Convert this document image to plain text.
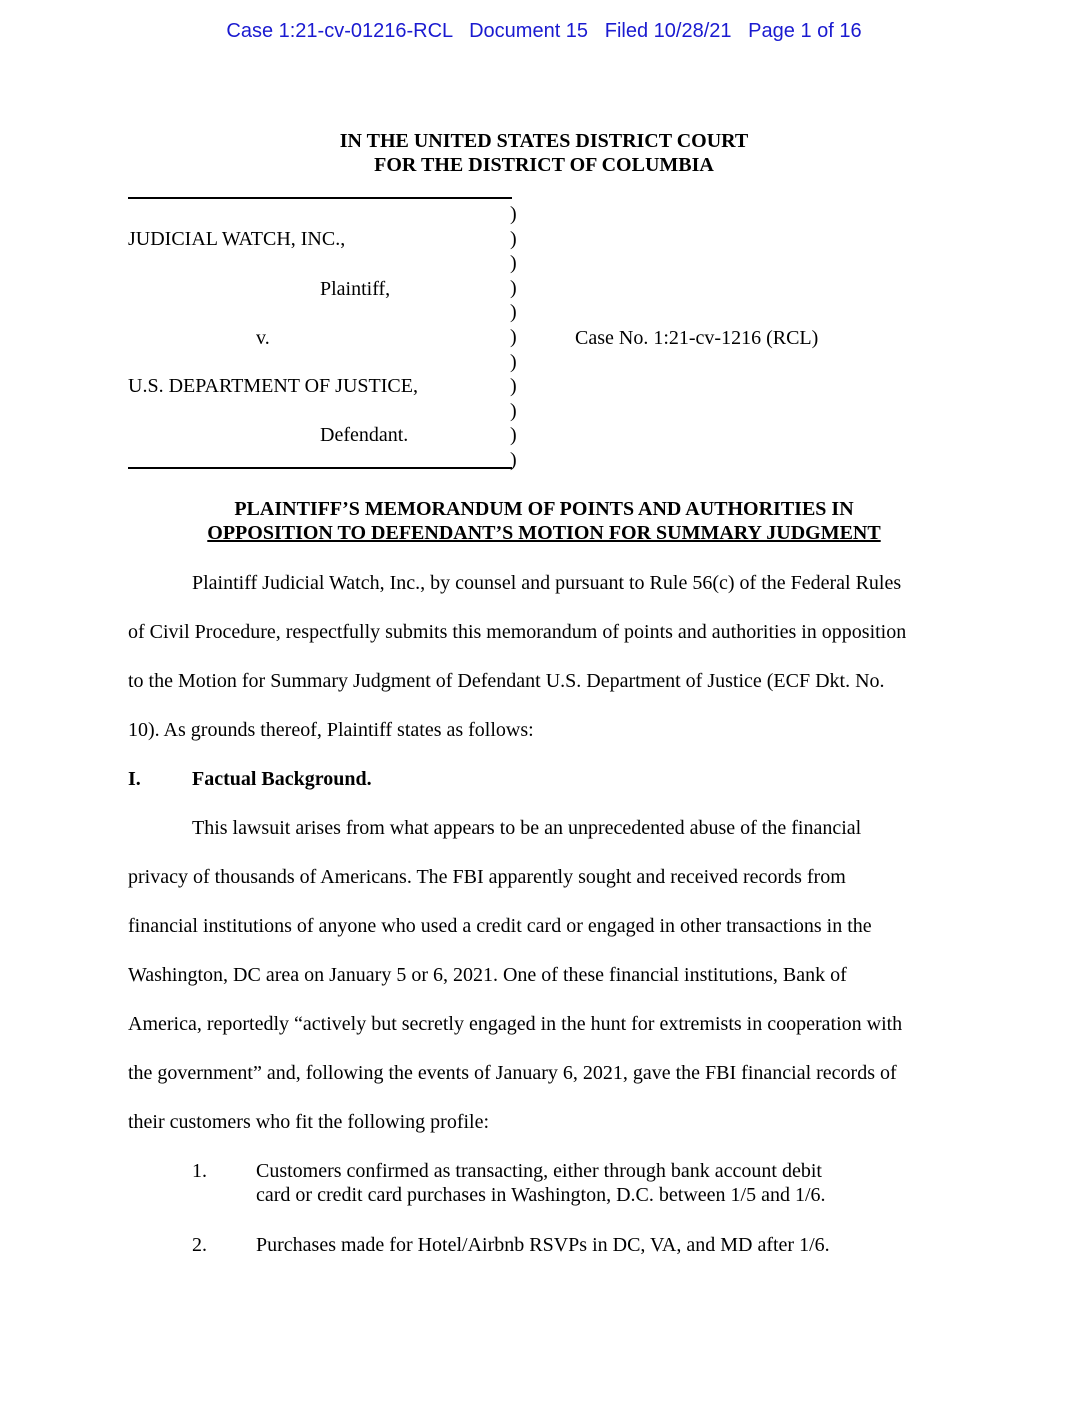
Case 1:21-cv-01216-RCL Document 15 Filed 10/28/21 Page 1 of 16
IN THE UNITED STATES DISTRICT COURT
FOR THE DISTRICT OF COLUMBIA
)
)
)
)
)
)
)
)
)
)
)
JUDICIAL WATCH, INC.,
Plaintiff,
v.
U.S. DEPARTMENT OF JUSTICE,
Defendant.
Case No. 1:21-cv-1216 (RCL)
PLAINTIFF’S MEMORANDUM OF POINTS AND AUTHORITIES IN
OPPOSITION TO DEFENDANT’S MOTION FOR SUMMARY JUDGMENT
Plaintiff Judicial Watch, Inc., by counsel and pursuant to Rule 56(c) of the Federal Rules
of Civil Procedure, respectfully submits this memorandum of points and authorities in opposition
to the Motion for Summary Judgment of Defendant U.S. Department of Justice (ECF Dkt. No.
10). As grounds thereof, Plaintiff states as follows:
I.	Factual Background.
This lawsuit arises from what appears to be an unprecedented abuse of the financial
privacy of thousands of Americans. The FBI apparently sought and received records from
financial institutions of anyone who used a credit card or engaged in other transactions in the
Washington, DC area on January 5 or 6, 2021. One of these financial institutions, Bank of
America, reportedly “actively but secretly engaged in the hunt for extremists in cooperation with
the government” and, following the events of January 6, 2021, gave the FBI financial records of
their customers who fit the following profile:
1. Customers confirmed as transacting, either through bank account debit
card or credit card purchases in Washington, D.C. between 1/5 and 1/6.
2. Purchases made for Hotel/Airbnb RSVPs in DC, VA, and MD after 1/6.
